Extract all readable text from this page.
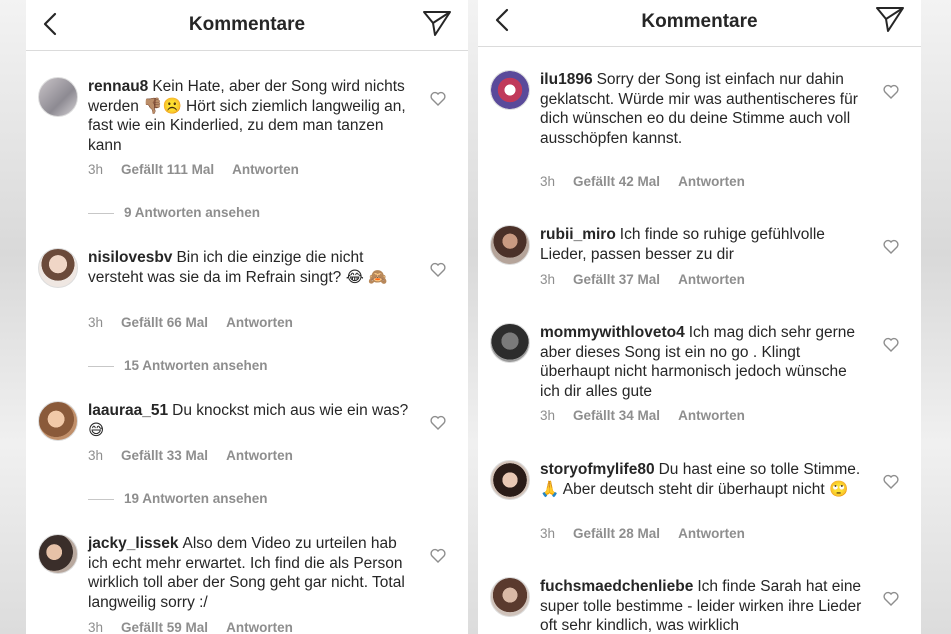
Kommentare
rennau8 Kein Hate, aber der Song wird nichts werden 👎🏽☹️ Hört sich ziemlich langweilig an, fast wie ein Kinderlied, zu dem man tanzen kann
3h Gefällt 111 Mal Antworten
9 Antworten ansehen
nisilovesbv Bin ich die einzige die nicht versteht was sie da im Refrain singt? 😂 🙈
3h Gefällt 66 Mal Antworten
15 Antworten ansehen
laauraa_51 Du knockst mich aus wie ein was? 😅
3h Gefällt 33 Mal Antworten
19 Antworten ansehen
jacky_lissek Also dem Video zu urteilen hab ich echt mehr erwartet. Ich find die als Person wirklich toll aber der Song geht gar nicht. Total langweilig sorry :/
3h Gefällt 59 Mal Antworten
Kommentare
ilu1896 Sorry der Song ist einfach nur dahin geklatscht. Würde mir was authentischeres für dich wünschen eo du deine Stimme auch voll ausschöpfen kannst.
3h Gefällt 42 Mal Antworten
rubii_miro Ich finde so ruhige gefühlvolle Lieder, passen besser zu dir
3h Gefällt 37 Mal Antworten
mommywithloveto4 Ich mag dich sehr gerne aber dieses Song ist ein no go . Klingt überhaupt nicht harmonisch jedoch wünsche ich dir alles gute
3h Gefällt 34 Mal Antworten
storyofmylife80 Du hast eine so tolle Stimme. 🙏 Aber deutsch steht dir überhaupt nicht 🙄
3h Gefällt 28 Mal Antworten
fuchsmaedchenliebe Ich finde Sarah hat eine super tolle bestimme - leider wirken ihre Lieder oft sehr kindlich, was wirklich
